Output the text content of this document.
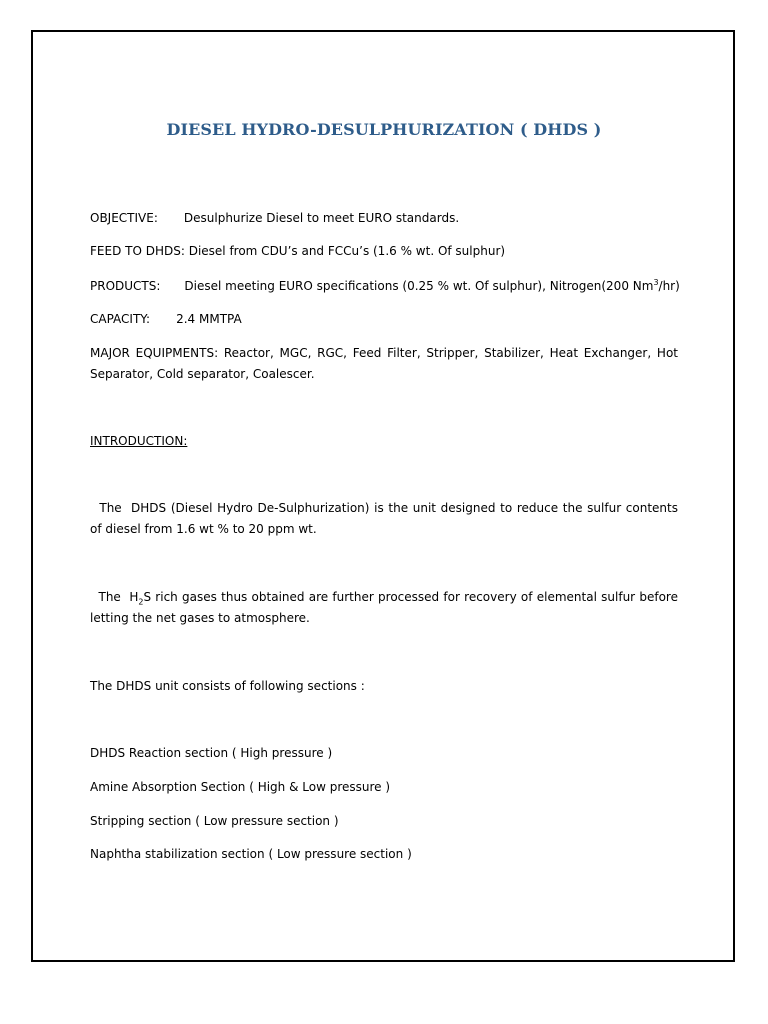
DIESEL HYDRO-DESULPHURIZATION ( DHDS )
OBJECTIVE: Desulphurize Diesel to meet EURO standards.
FEED TO DHDS: Diesel from CDU’s and FCCu’s (1.6 % wt. Of sulphur)
PRODUCTS: Diesel meeting EURO specifications (0.25 % wt. Of sulphur), Nitrogen(200 Nm$^3$/hr)
CAPACITY: 2.4 MMTPA
MAJOR EQUIPMENTS: Reactor, MGC, RGC, Feed Filter, Stripper, Stabilizer, Heat Exchanger, Hot Separator, Cold separator, Coalescer.
INTRODUCTION:
The  DHDS (Diesel Hydro De-Sulphurization) is the unit designed to reduce the sulfur contents of diesel from 1.6 wt % to 20 ppm wt.
The  $H_2S$ rich gases thus obtained are further processed for recovery of elemental sulfur before letting the net gases to atmosphere.
The DHDS unit consists of following sections :
DHDS Reaction section ( High pressure )
Amine Absorption Section ( High & Low pressure )
Stripping section ( Low pressure section )
Naphtha stabilization section ( Low pressure section )
